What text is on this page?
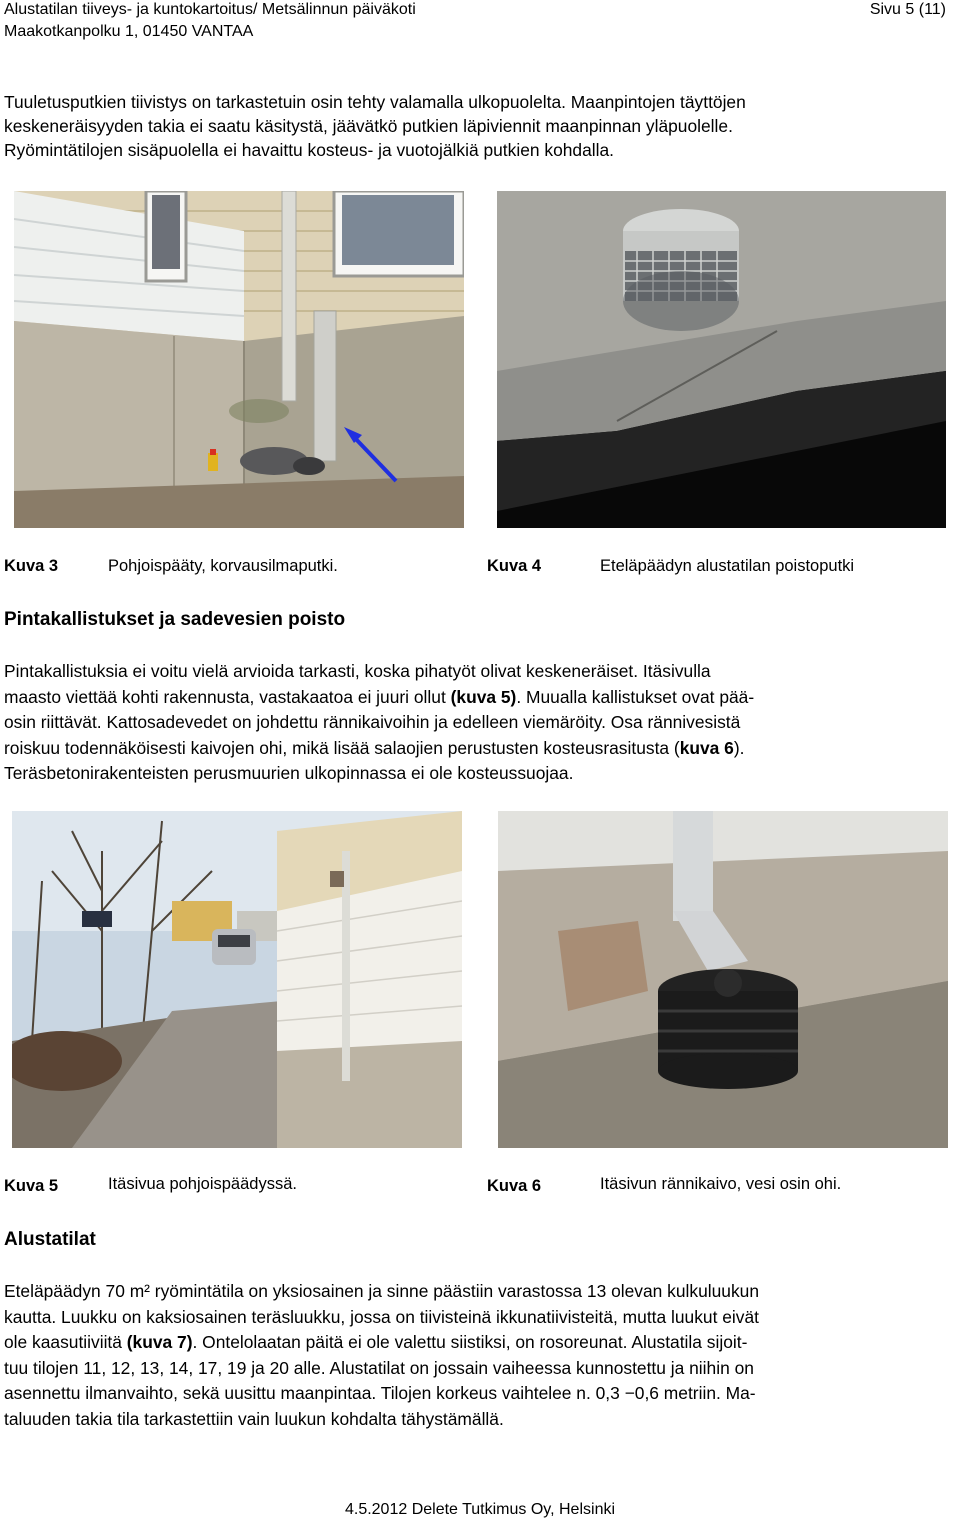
Alustatilan tiiveys- ja kuntokartoitus/ Metsälinnun päiväkoti
Maakotkanpolku 1, 01450 VANTAA
Sivu 5 (11)
Tuuletusputkien tiivistys on tarkastetuin osin tehty valamalla ulkopuolelta. Maanpintojen täyttöjen
keskeneräisyyden takia ei saatu käsitystä, jäävätkö putkien läpiviennit maanpinnan yläpuolelle.
Ryömintätilojen sisäpuolella ei havaittu kosteus- ja vuotojälkiä putkien kohdalla.
Kuva 3	Pohjoispääty, korvausilmaputki.	Kuva 4	Eteläpäädyn alustatilan poistoputki
Pintakallistukset ja sadevesien poisto
Pintakallistuksia ei voitu vielä arvioida tarkasti, koska pihatyöt olivat keskeneräiset. Itäsivulla
maasto viettää kohti rakennusta, vastakaatoa ei juuri ollut (kuva 5). Muualla kallistukset ovat pää-
osin riittävät. Kattosadevedet on johdettu rännikaivoihin ja edelleen viemäröity. Osa rännivesistä
roiskuu todennäköisesti kaivojen ohi, mikä lisää salaojien perustusten kosteusrasitusta (kuva 6).
Teräsbetonirakenteisten perusmuurien ulkopinnassa ei ole kosteussuojaa.
Kuva 5	Itäsivua pohjoispäädyssä.	Kuva 6	Itäsivun rännikaivo, vesi osin ohi.
Alustatilat
Eteläpäädyn 70 m² ryömintätila on yksiosainen ja sinne päästiin varastossa 13 olevan kulkuluukun
kautta. Luukku on kaksiosainen teräsluukku, jossa on tiivisteinä ikkunatiivisteitä, mutta luukut eivät
ole kaasutiiviitä (kuva 7). Ontelolaatan päitä ei ole valettu siistiksi, on rosoreunat. Alustatila sijoit-
tuu tilojen 11, 12, 13, 14, 17, 19 ja 20 alle. Alustatilat on jossain vaiheessa kunnostettu ja niihin on
asennettu ilmanvaihto, sekä uusittu maanpintaa. Tilojen korkeus vaihtelee n. 0,3 −0,6 metriin. Ma-
taluuden takia tila tarkastettiin vain luukun kohdalta tähystämällä.
4.5.2012 Delete Tutkimus Oy, Helsinki
